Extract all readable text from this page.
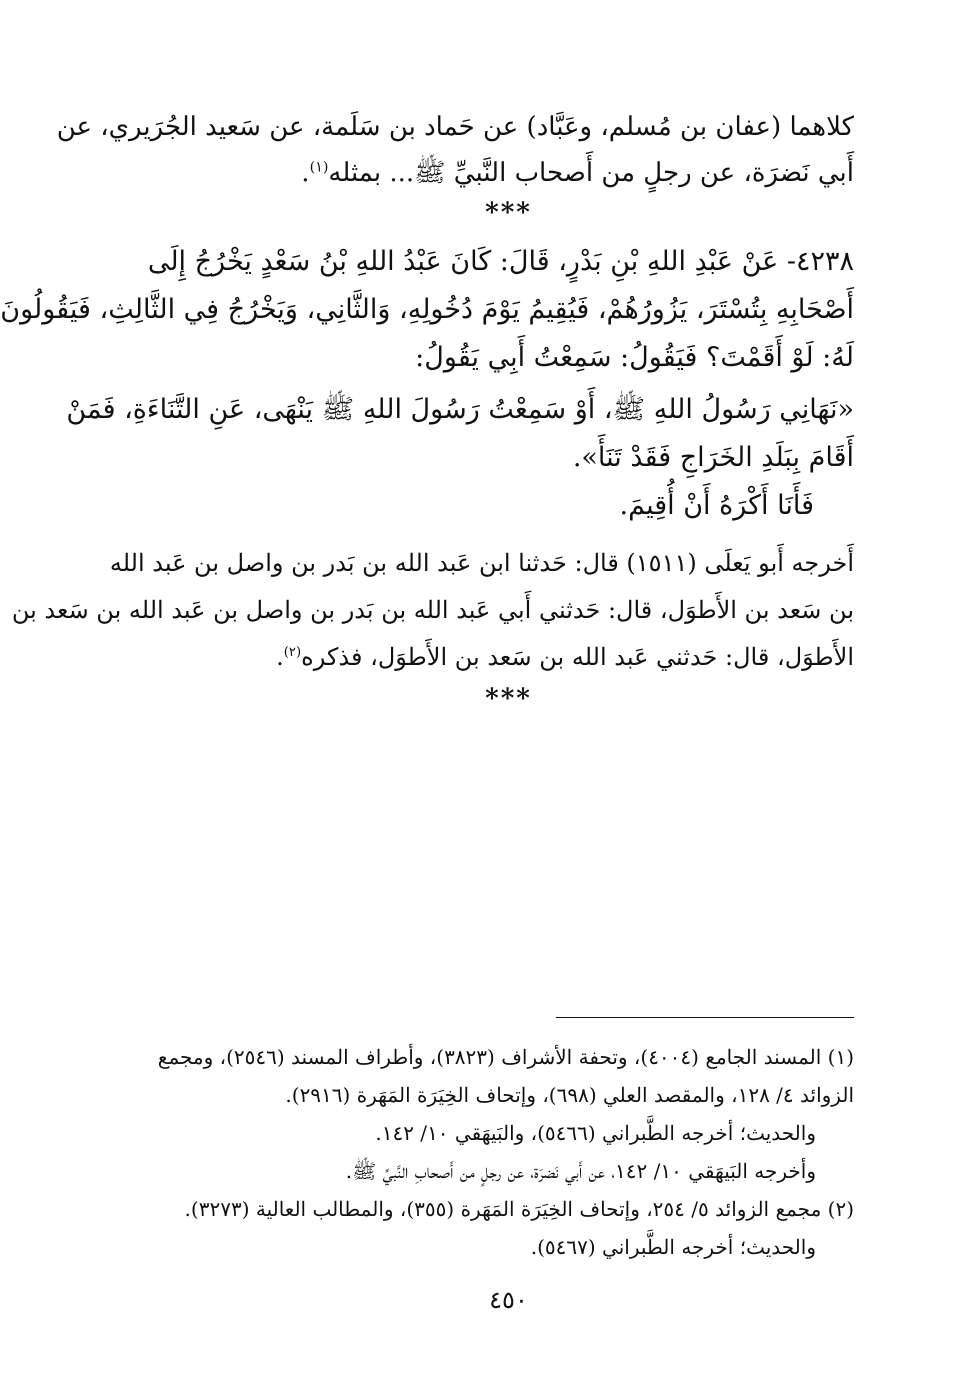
كلاهما (عفان بن مُسلم، وعَبَّاد) عن حَماد بن سَلَمة، عن سَعيد الجُرَيري، عن
أَبي نَضرَة، عن رجلٍ من أَصحاب النَّبيِّ ﷺ... بمثله$^{(١)}$.
***
٤٢٣٨- عَنْ عَبْدِ اللهِ بْنِ بَدْرٍ، قَالَ: كَانَ عَبْدُ اللهِ بْنُ سَعْدٍ يَخْرُجُ إِلَى
أَصْحَابِهِ بِتُسْتَرَ، يَزُورُهُمْ، فَيُقِيمُ يَوْمَ دُخُولِهِ، وَالثَّانِي، وَيَخْرُجُ فِي الثَّالِثِ، فَيَقُولُونَ
لَهُ: لَوْ أَقَمْتَ؟ فَيَقُولُ: سَمِعْتُ أَبِي يَقُولُ:
«نَهَانِي رَسُولُ اللهِ ﷺ، أَوْ سَمِعْتُ رَسُولَ اللهِ ﷺ يَنْهَى، عَنِ التَّنَاءَةِ، فَمَنْ
أَقَامَ بِبَلَدِ الخَرَاجِ فَقَدْ تَنَأَ».
فَأَنَا أَكْرَهُ أَنْ أُقِيمَ.
أَخرجه أَبو يَعلَى (١٥١١) قال: حَدثنا ابن عَبد الله بن بَدر بن واصل بن عَبد الله
بن سَعد بن الأَطوَل، قال: حَدثني أَبي عَبد الله بن بَدر بن واصل بن عَبد الله بن سَعد بن
الأَطوَل، قال: حَدثني عَبد الله بن سَعد بن الأَطوَل، فذكره$^{(٢)}$.
***
(١) المسند الجامع (٤٠٠٤)، وتحفة الأشراف (٣٨٢٣)، وأطراف المسند (٢٥٤٦)، ومجمع
الزوائد ٤/ ١٢٨، والمقصد العلي (٦٩٨)، وإتحاف الخِيَرَة المَهَرة (٢٩١٦).
والحديث؛ أخرجه الطَّبراني (٥٤٦٦)، والبَيهَقي ١٠/ ١٤٢.
وأخرجه البَيهَقي ١٠/ ١٤٢، عن أَبي نَضرَة، عن رجلٍ من أَصحابِ النَّبيِّ ﷺ.
(٢) مجمع الزوائد ٥/ ٢٥٤، وإتحاف الخِيَرَة المَهَرة (٣٥٥)، والمطالب العالية (٣٢٧٣).
والحديث؛ أخرجه الطَّبراني (٥٤٦٧).
٤٥٠
